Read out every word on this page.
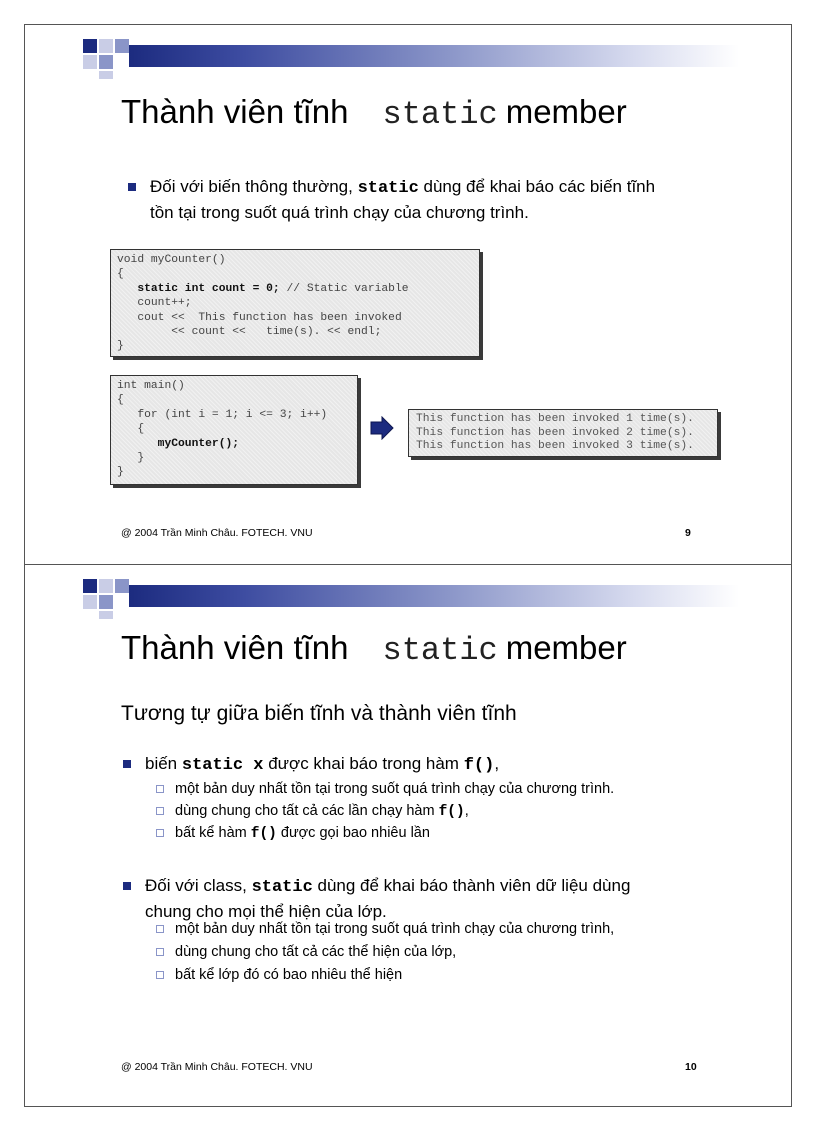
Thành viên tĩnh static member
Đối với biến thông thường, static dùng để khai báo các biến tĩnh
tồn tại trong suốt quá trình chạy của chương trình.
void myCounter()
{
static int count = 0; // Static variable
count++;
cout <<  This function has been invoked
<< count <<   time(s). << endl;
}
int main()
{
for (int i = 1; i <= 3; i++)
{
myCounter();
}
}
This function has been invoked 1 time(s).
This function has been invoked 2 time(s).
This function has been invoked 3 time(s).
@ 2004 Trần Minh Châu. FOTECH. VNU	9
Thành viên tĩnh static member
Tương tự giữa biến tĩnh và thành viên tĩnh
biến static x được khai báo trong hàm f(),
một bản duy nhất tồn tại trong suốt quá trình chạy của chương trình.
dùng chung cho tất cả các lần chạy hàm f(),
bất kể hàm f() được gọi bao nhiêu lần
Đối với class, static dùng để khai báo thành viên dữ liệu dùng
chung cho mọi thể hiện của lớp.
một bản duy nhất tồn tại trong suốt quá trình chạy của chương trình,
dùng chung cho tất cả các thể hiện của lớp,
bất kể lớp đó có bao nhiêu thể hiện
@ 2004 Trần Minh Châu. FOTECH. VNU	10
